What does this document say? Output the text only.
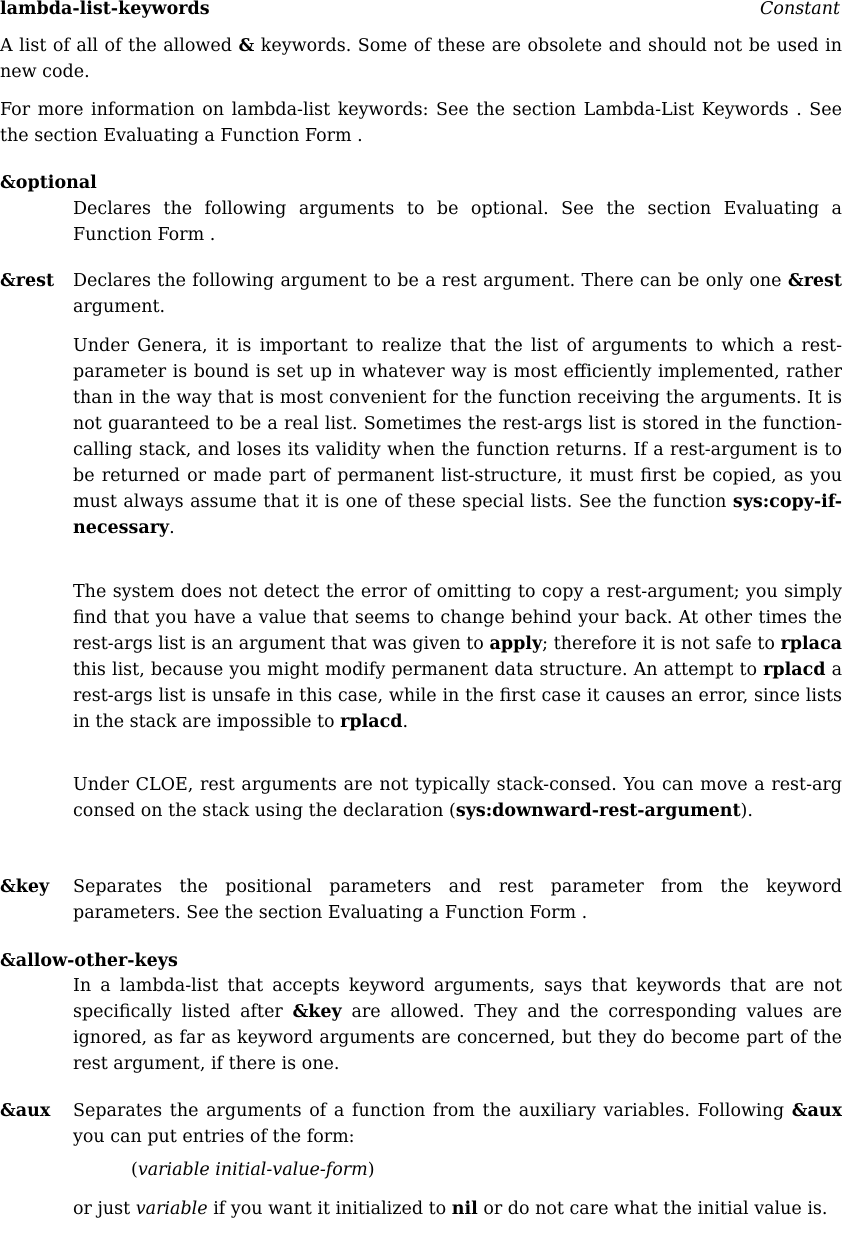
lambda-list-keywords	Constant

A list of all of the allowed & keywords. Some of these are obsolete and should not be used in new code.

For more information on lambda-list keywords: See the section Lambda-List Keywords . See the section Evaluating a Function Form .

&optional

Declares the following arguments to be optional. See the section Evaluating a Function Form .

&rest Declares the following argument to be a rest argument. There can be only one &rest argument.

Under Genera, it is important to realize that the list of arguments to which a rest-parameter is bound is set up in whatever way is most efficiently implemented, rather than in the way that is most convenient for the function receiving the arguments. It is not guaranteed to be a real list. Sometimes the rest-args list is stored in the function-calling stack, and loses its validity when the function returns. If a rest-argument is to be returned or made part of permanent list-structure, it must first be copied, as you must always assume that it is one of these special lists. See the function sys:copy-if-necessary.

The system does not detect the error of omitting to copy a rest-argument; you simply find that you have a value that seems to change behind your back. At other times the rest-args list is an argument that was given to apply; therefore it is not safe to rplaca this list, because you might modify permanent data structure. An attempt to rplacd a rest-args list is unsafe in this case, while in the first case it causes an error, since lists in the stack are impossible to rplacd.

Under CLOE, rest arguments are not typically stack-consed. You can move a rest-arg consed on the stack using the declaration (sys:downward-rest-argument).

&key Separates the positional parameters and rest parameter from the keyword parameters. See the section Evaluating a Function Form .

&allow-other-keys

In a lambda-list that accepts keyword arguments, says that keywords that are not specifically listed after &key are allowed. They and the corresponding values are ignored, as far as keyword arguments are concerned, but they do become part of the rest argument, if there is one.

&aux Separates the arguments of a function from the auxiliary variables. Following &aux you can put entries of the form:

(variable initial-value-form)

or just variable if you want it initialized to nil or do not care what the initial value is.
